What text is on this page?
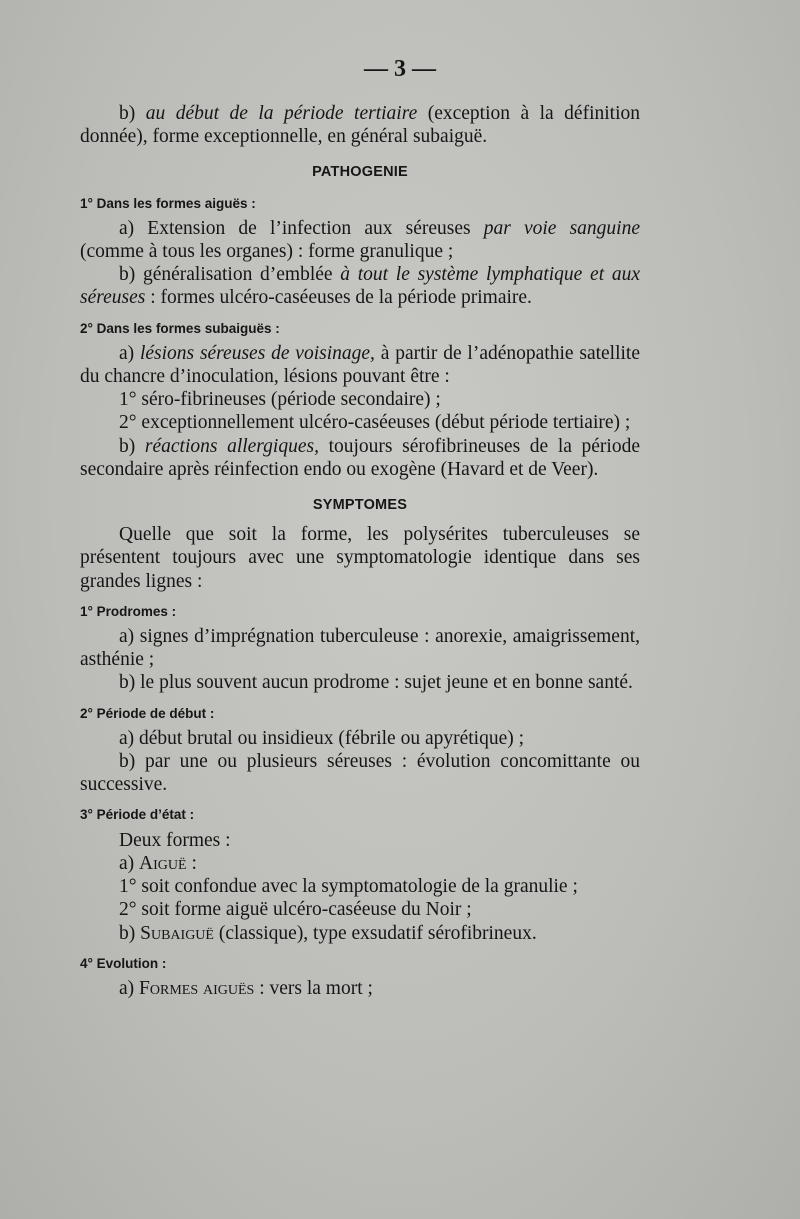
— 3 —

b) au début de la période tertiaire (exception à la définition donnée), forme exceptionnelle, en général subaiguë.

PATHOGENIE
1° Dans les formes aiguës :

a) Extension de l’infection aux séreuses par voie sanguine (comme à tous les organes) : forme granulique ;

b) généralisation d’emblée à tout le système lymphatique et aux séreuses : formes ulcéro-caséeuses de la période primaire.

2° Dans les formes subaiguës :

a) lésions séreuses de voisinage, à partir de l’adénopathie satellite du chancre d’inoculation, lésions pouvant être :

1° séro-fibrineuses (période secondaire) ;

2° exceptionnellement ulcéro-caséeuses (début période tertiaire) ;

b) réactions allergiques, toujours sérofibrineuses de la période secondaire après réinfection endo ou exogène (Havard et de Veer).

SYMPTOMES

Quelle que soit la forme, les polysérites tuberculeuses se présentent toujours avec une symptomatologie identique dans ses grandes lignes :

1° Prodromes :

a) signes d’imprégnation tuberculeuse : anorexie, amaigrissement, asthénie ;

b) le plus souvent aucun prodrome : sujet jeune et en bonne santé.

2° Période de début :

a) début brutal ou insidieux (fébrile ou apyrétique) ;

b) par une ou plusieurs séreuses : évolution concomittante ou successive.

3° Période d’état :

Deux formes :

a) Aiguë :

1° soit confondue avec la symptomatologie de la granulie ;

2° soit forme aiguë ulcéro-caséeuse du Noir ;

b) Subaiguë (classique), type exsudatif sérofibrineux.

4° Evolution :

a) Formes aiguës : vers la mort ;
